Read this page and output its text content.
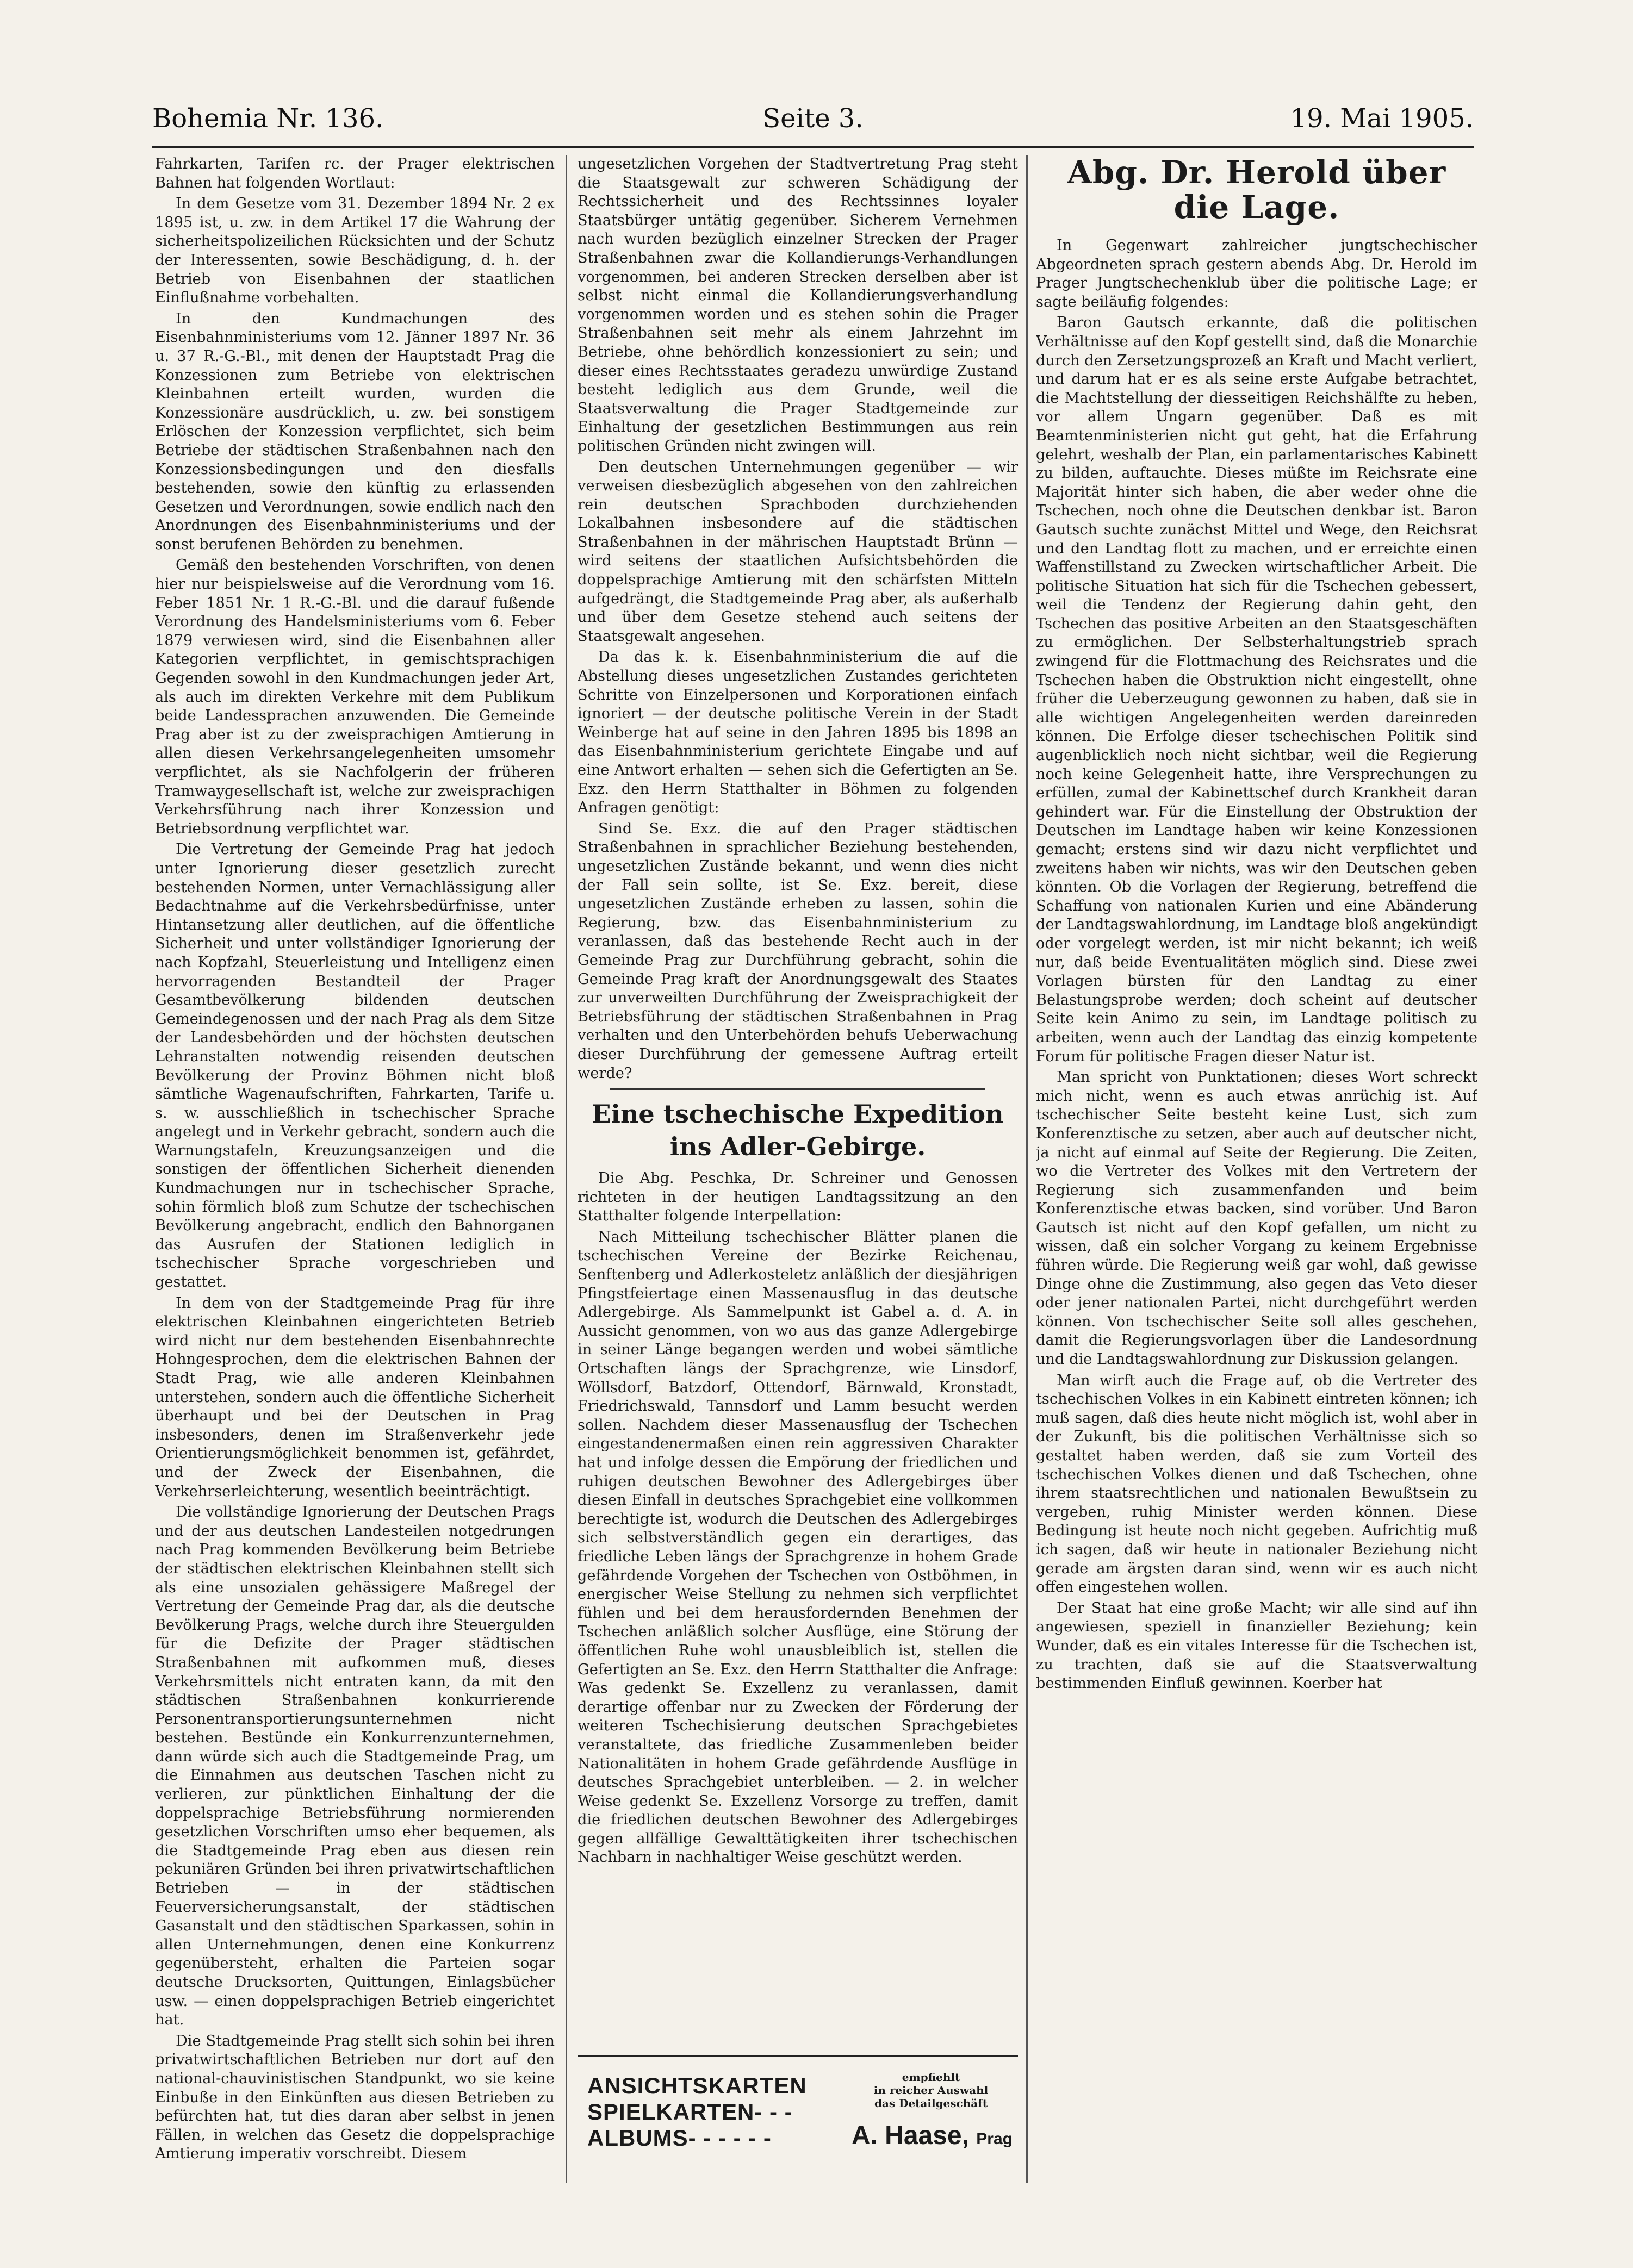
Seite 3.
Bohemia Nr. 136.	19. Mai 1905.

Fahrkarten, Tarifen rc. der Prager elektrischen Bahnen hat folgenden Wortlaut:

In dem Gesetze vom 31. Dezember 1894 Nr. 2 ex 1895 ist, u. zw. in dem Artikel 17 die Wahrung der sicherheitspolizeilichen Rücksichten und der Schutz der Interessenten, sowie Beschädigung, d. h. der Betrieb von Eisenbahnen der staatlichen Einflußnahme vorbehalten.

In den Kundmachungen des Eisenbahnministeriums vom 12. Jänner 1897 Nr. 36 u. 37 R.-G.-Bl., mit denen der Hauptstadt Prag die Konzessionen zum Betriebe von elektrischen Kleinbahnen erteilt wurden, wurden die Konzessionäre ausdrücklich, u. zw. bei sonstigem Erlöschen der Konzession verpflichtet, sich beim Betriebe der städtischen Straßenbahnen nach den Konzessionsbedingungen und den diesfalls bestehenden, sowie den künftig zu erlassenden Gesetzen und Verordnungen, sowie endlich nach den Anordnungen des Eisenbahnministeriums und der sonst berufenen Behörden zu benehmen.

Gemäß den bestehenden Vorschriften, von denen hier nur beispielsweise auf die Verordnung vom 16. Feber 1851 Nr. 1 R.-G.-Bl. und die darauf fußende Verordnung des Handelsministeriums vom 6. Feber 1879 verwiesen wird, sind die Eisenbahnen aller Kategorien verpflichtet, in gemischtsprachigen Gegenden sowohl in den Kundmachungen jeder Art, als auch im direkten Verkehre mit dem Publikum beide Landessprachen anzuwenden. Die Gemeinde Prag aber ist zu der zweisprachigen Amtierung in allen diesen Verkehrsangelegenheiten umsomehr verpflichtet, als sie Nachfolgerin der früheren Tramwaygesellschaft ist, welche zur zweisprachigen Verkehrsführung nach ihrer Konzession und Betriebsordnung verpflichtet war.

Die Vertretung der Gemeinde Prag hat jedoch unter Ignorierung dieser gesetzlich zurecht bestehenden Normen, unter Vernachlässigung aller Bedachtnahme auf die Verkehrsbedürfnisse, unter Hintansetzung aller deutlichen, auf die öffentliche Sicherheit und unter vollständiger Ignorierung der nach Kopfzahl, Steuerleistung und Intelligenz einen hervorragenden Bestandteil der Prager Gesamtbevölkerung bildenden deutschen Gemeindegenossen und der nach Prag als dem Sitze der Landesbehörden und der höchsten deutschen Lehranstalten notwendig reisenden deutschen Bevölkerung der Provinz Böhmen nicht bloß sämtliche Wagenaufschriften, Fahrkarten, Tarife u. s. w. ausschließlich in tschechischer Sprache angelegt und in Verkehr gebracht, sondern auch die Warnungstafeln, Kreuzungsanzeigen und die sonstigen der öffentlichen Sicherheit dienenden Kundmachungen nur in tschechischer Sprache, sohin förmlich bloß zum Schutze der tschechischen Bevölkerung angebracht, endlich den Bahnorganen das Ausrufen der Stationen lediglich in tschechischer Sprache vorgeschrieben und gestattet.

In dem von der Stadtgemeinde Prag für ihre elektrischen Kleinbahnen eingerichteten Betrieb wird nicht nur dem bestehenden Eisenbahnrechte Hohngesprochen, dem die elektrischen Bahnen der Stadt Prag, wie alle anderen Kleinbahnen unterstehen, sondern auch die öffentliche Sicherheit überhaupt und bei der Deutschen in Prag insbesonders, denen im Straßenverkehr jede Orientierungsmöglichkeit benommen ist, gefährdet, und der Zweck der Eisenbahnen, die Verkehrserleichterung, wesentlich beeinträchtigt.

Die vollständige Ignorierung der Deutschen Prags und der aus deutschen Landesteilen notgedrungen nach Prag kommenden Bevölkerung beim Betriebe der städtischen elektrischen Kleinbahnen stellt sich als eine unsozialen gehässigere Maßregel der Vertretung der Gemeinde Prag dar, als die deutsche Bevölkerung Prags, welche durch ihre Steuergulden für die Defizite der Prager städtischen Straßenbahnen mit aufkommen muß, dieses Verkehrsmittels nicht entraten kann, da mit den städtischen Straßenbahnen konkurrierende Personentransportierungsunternehmen nicht bestehen. Bestünde ein Konkurrenzunternehmen, dann würde sich auch die Stadtgemeinde Prag, um die Einnahmen aus deutschen Taschen nicht zu verlieren, zur pünktlichen Einhaltung der die doppelsprachige Betriebsführung normierenden gesetzlichen Vorschriften umso eher bequemen, als die Stadtgemeinde Prag eben aus diesen rein pekuniären Gründen bei ihren privatwirtschaftlichen Betrieben — in der städtischen Feuerversicherungsanstalt, der städtischen Gasanstalt und den städtischen Sparkassen, sohin in allen Unternehmungen, denen eine Konkurrenz gegenübersteht, erhalten die Parteien sogar deutsche Drucksorten, Quittungen, Einlagsbücher usw. — einen doppelsprachigen Betrieb eingerichtet hat.

Die Stadtgemeinde Prag stellt sich sohin bei ihren privatwirtschaftlichen Betrieben nur dort auf den national-chauvinistischen Standpunkt, wo sie keine Einbuße in den Einkünften aus diesen Betrieben zu befürchten hat, tut dies daran aber selbst in jenen Fällen, in welchen das Gesetz die doppelsprachige Amtierung imperativ vorschreibt. Diesem

ungesetzlichen Vorgehen der Stadtvertretung Prag steht die Staatsgewalt zur schweren Schädigung der Rechtssicherheit und des Rechtssinnes loyaler Staatsbürger untätig gegenüber. Sicherem Vernehmen nach wurden bezüglich einzelner Strecken der Prager Straßenbahnen zwar die Kollandierungs-Verhandlungen vorgenommen, bei anderen Strecken derselben aber ist selbst nicht einmal die Kollandierungsverhandlung vorgenommen worden und es stehen sohin die Prager Straßenbahnen seit mehr als einem Jahrzehnt im Betriebe, ohne behördlich konzessioniert zu sein; und dieser eines Rechtsstaates geradezu unwürdige Zustand besteht lediglich aus dem Grunde, weil die Staatsverwaltung die Prager Stadtgemeinde zur Einhaltung der gesetzlichen Bestimmungen aus rein politischen Gründen nicht zwingen will.

Den deutschen Unternehmungen gegenüber — wir verweisen diesbezüglich abgesehen von den zahlreichen rein deutschen Sprachboden durchziehenden Lokalbahnen insbesondere auf die städtischen Straßenbahnen in der mährischen Hauptstadt Brünn — wird seitens der staatlichen Aufsichtsbehörden die doppelsprachige Amtierung mit den schärfsten Mitteln aufgedrängt, die Stadtgemeinde Prag aber, als außerhalb und über dem Gesetze stehend auch seitens der Staatsgewalt angesehen.

Da das k. k. Eisenbahnministerium die auf die Abstellung dieses ungesetzlichen Zustandes gerichteten Schritte von Einzelpersonen und Korporationen einfach ignoriert — der deutsche politische Verein in der Stadt Weinberge hat auf seine in den Jahren 1895 bis 1898 an das Eisenbahnministerium gerichtete Eingabe und auf eine Antwort erhalten — sehen sich die Gefertigten an Se. Exz. den Herrn Statthalter in Böhmen zu folgenden Anfragen genötigt:

Sind Se. Exz. die auf den Prager städtischen Straßenbahnen in sprachlicher Beziehung bestehenden, ungesetzlichen Zustände bekannt, und wenn dies nicht der Fall sein sollte, ist Se. Exz. bereit, diese ungesetzlichen Zustände erheben zu lassen, sohin die Regierung, bzw. das Eisenbahnministerium zu veranlassen, daß das bestehende Recht auch in der Gemeinde Prag zur Durchführung gebracht, sohin die Gemeinde Prag kraft der Anordnungsgewalt des Staates zur unverweilten Durchführung der Zweisprachigkeit der Betriebsführung der städtischen Straßenbahnen in Prag verhalten und den Unterbehörden behufs Ueberwachung dieser Durchführung der gemessene Auftrag erteilt werde?

Eine tschechische Expedition ins Adler-Gebirge.

Die Abg. Peschka, Dr. Schreiner und Genossen richteten in der heutigen Landtagssitzung an den Statthalter folgende Interpellation:

Nach Mitteilung tschechischer Blätter planen die tschechischen Vereine der Bezirke Reichenau, Senftenberg und Adlerkosteletz anläßlich der diesjährigen Pfingstfeiertage einen Massenausflug in das deutsche Adlergebirge. Als Sammelpunkt ist Gabel a. d. A. in Aussicht genommen, von wo aus das ganze Adlergebirge in seiner Länge begangen werden und wobei sämtliche Ortschaften längs der Sprachgrenze, wie Linsdorf, Wöllsdorf, Batzdorf, Ottendorf, Bärnwald, Kronstadt, Friedrichswald, Tannsdorf und Lamm besucht werden sollen. Nachdem dieser Massenausflug der Tschechen eingestandenermaßen einen rein aggressiven Charakter hat und infolge dessen die Empörung der friedlichen und ruhigen deutschen Bewohner des Adlergebirges über diesen Einfall in deutsches Sprachgebiet eine vollkommen berechtigte ist, wodurch die Deutschen des Adlergebirges sich selbstverständlich gegen ein derartiges, das friedliche Leben längs der Sprachgrenze in hohem Grade gefährdende Vorgehen der Tschechen von Ostböhmen, in energischer Weise Stellung zu nehmen sich verpflichtet fühlen und bei dem herausfordernden Benehmen der Tschechen anläßlich solcher Ausflüge, eine Störung der öffentlichen Ruhe wohl unausbleiblich ist, stellen die Gefertigten an Se. Exz. den Herrn Statthalter die Anfrage: Was gedenkt Se. Exzellenz zu veranlassen, damit derartige offenbar nur zu Zwecken der Förderung der weiteren Tschechisierung deutschen Sprachgebietes veranstaltete, das friedliche Zusammenleben beider Nationalitäten in hohem Grade gefährdende Ausflüge in deutsches Sprachgebiet unterbleiben. — 2. in welcher Weise gedenkt Se. Exzellenz Vorsorge zu treffen, damit die friedlichen deutschen Bewohner des Adlergebirges gegen allfällige Gewalttätigkeiten ihrer tschechischen Nachbarn in nachhaltiger Weise geschützt werden.

ANSICHTSKARTEN
SPIELKARTEN- - -
ALBUMS- - - - - -
empfiehlt
in reicher Auswahl
das Detailgeschäft
A. Haase, Prag
Abg. Dr. Herold über die Lage.

In Gegenwart zahlreicher jungtschechischer Abgeordneten sprach gestern abends Abg. Dr. Herold im Prager Jungtschechenklub über die politische Lage; er sagte beiläufig folgendes:

Baron Gautsch erkannte, daß die politischen Verhältnisse auf den Kopf gestellt sind, daß die Monarchie durch den Zersetzungsprozeß an Kraft und Macht verliert, und darum hat er es als seine erste Aufgabe betrachtet, die Machtstellung der diesseitigen Reichshälfte zu heben, vor allem Ungarn gegenüber. Daß es mit Beamtenministerien nicht gut geht, hat die Erfahrung gelehrt, weshalb der Plan, ein parlamentarisches Kabinett zu bilden, auftauchte. Dieses müßte im Reichsrate eine Majorität hinter sich haben, die aber weder ohne die Tschechen, noch ohne die Deutschen denkbar ist. Baron Gautsch suchte zunächst Mittel und Wege, den Reichsrat und den Landtag flott zu machen, und er erreichte einen Waffenstillstand zu Zwecken wirtschaftlicher Arbeit. Die politische Situation hat sich für die Tschechen gebessert, weil die Tendenz der Regierung dahin geht, den Tschechen das positive Arbeiten an den Staatsgeschäften zu ermöglichen. Der Selbsterhaltungstrieb sprach zwingend für die Flottmachung des Reichsrates und die Tschechen haben die Obstruktion nicht eingestellt, ohne früher die Ueberzeugung gewonnen zu haben, daß sie in alle wichtigen Angelegenheiten werden dareinreden können. Die Erfolge dieser tschechischen Politik sind augenblicklich noch nicht sichtbar, weil die Regierung noch keine Gelegenheit hatte, ihre Versprechungen zu erfüllen, zumal der Kabinettschef durch Krankheit daran gehindert war. Für die Einstellung der Obstruktion der Deutschen im Landtage haben wir keine Konzessionen gemacht; erstens sind wir dazu nicht verpflichtet und zweitens haben wir nichts, was wir den Deutschen geben könnten. Ob die Vorlagen der Regierung, betreffend die Schaffung von nationalen Kurien und eine Abänderung der Landtagswahlordnung, im Landtage bloß angekündigt oder vorgelegt werden, ist mir nicht bekannt; ich weiß nur, daß beide Eventualitäten möglich sind. Diese zwei Vorlagen bürsten für den Landtag zu einer Belastungsprobe werden; doch scheint auf deutscher Seite kein Animo zu sein, im Landtage politisch zu arbeiten, wenn auch der Landtag das einzig kompetente Forum für politische Fragen dieser Natur ist.

Man spricht von Punktationen; dieses Wort schreckt mich nicht, wenn es auch etwas anrüchig ist. Auf tschechischer Seite besteht keine Lust, sich zum Konferenztische zu setzen, aber auch auf deutscher nicht, ja nicht auf einmal auf Seite der Regierung. Die Zeiten, wo die Vertreter des Volkes mit den Vertretern der Regierung sich zusammenfanden und beim Konferenztische etwas backen, sind vorüber. Und Baron Gautsch ist nicht auf den Kopf gefallen, um nicht zu wissen, daß ein solcher Vorgang zu keinem Ergebnisse führen würde. Die Regierung weiß gar wohl, daß gewisse Dinge ohne die Zustimmung, also gegen das Veto dieser oder jener nationalen Partei, nicht durchgeführt werden können. Von tschechischer Seite soll alles geschehen, damit die Regierungsvorlagen über die Landesordnung und die Landtagswahlordnung zur Diskussion gelangen.

Man wirft auch die Frage auf, ob die Vertreter des tschechischen Volkes in ein Kabinett eintreten können; ich muß sagen, daß dies heute nicht möglich ist, wohl aber in der Zukunft, bis die politischen Verhältnisse sich so gestaltet haben werden, daß sie zum Vorteil des tschechischen Volkes dienen und daß Tschechen, ohne ihrem staatsrechtlichen und nationalen Bewußtsein zu vergeben, ruhig Minister werden können. Diese Bedingung ist heute noch nicht gegeben. Aufrichtig muß ich sagen, daß wir heute in nationaler Beziehung nicht gerade am ärgsten daran sind, wenn wir es auch nicht offen eingestehen wollen.

Der Staat hat eine große Macht; wir alle sind auf ihn angewiesen, speziell in finanzieller Beziehung; kein Wunder, daß es ein vitales Interesse für die Tschechen ist, zu trachten, daß sie auf die Staatsverwaltung bestimmenden Einfluß gewinnen. Koerber hat
